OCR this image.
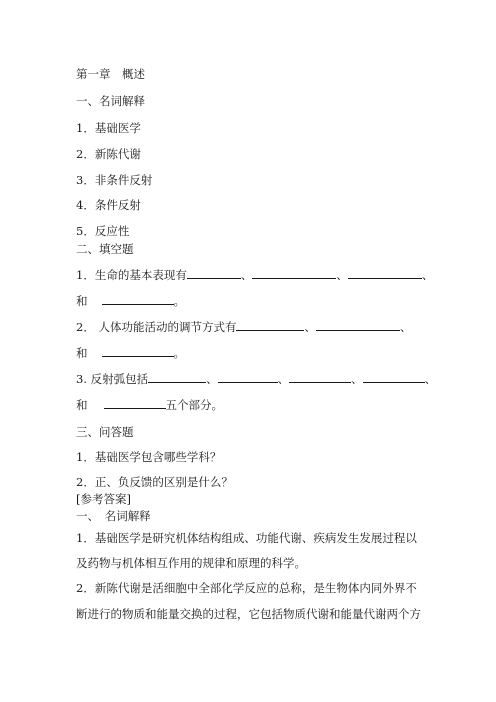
第一章　概述
一、名词解释
1．基础医学
2．新陈代谢
3．非条件反射
4．条件反射
5．反应性
二、填空题
1．生命的基本表现有	、	、	、
和	。
2． 人体功能活动的调节方式有	、	、
和	。
3. 反射弧包括	、	、	、	、
和	五个部分。
三、问答题
1．基础医学包含哪些学科？
2．正、负反馈的区别是什么？
[参考答案]
一、　名词解释
1．基础医学是研究机体结构组成、功能代谢、疾病发生发展过程以
及药物与机体相互作用的规律和原理的科学。
2．新陈代谢是活细胞中全部化学反应的总称，是生物体内同外界不
断进行的物质和能量交换的过程，它包括物质代谢和能量代谢两个方
